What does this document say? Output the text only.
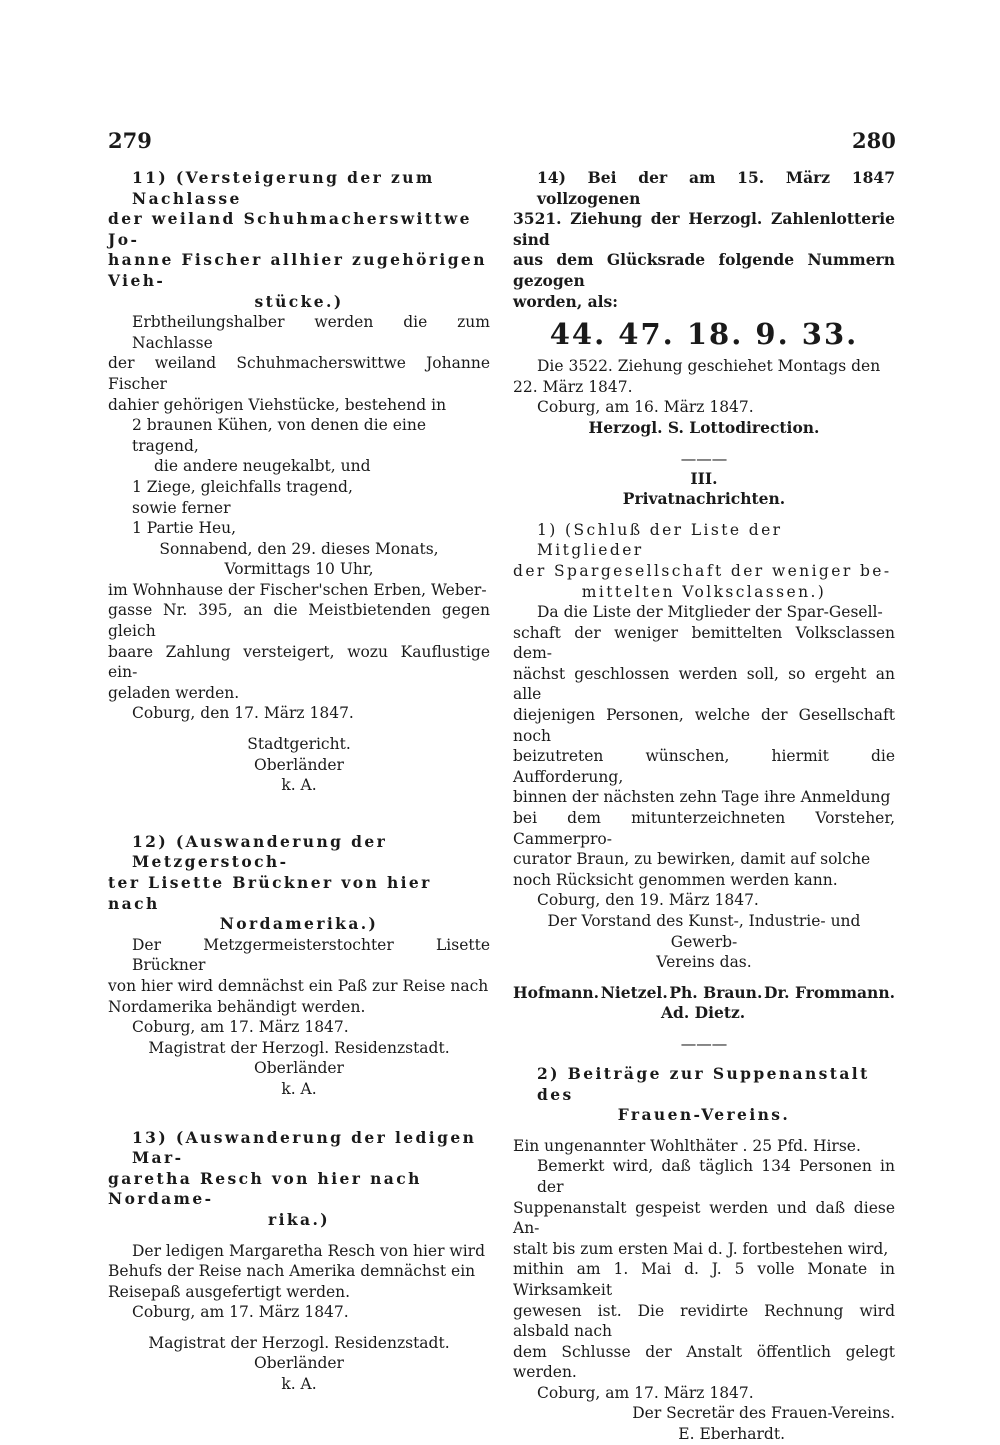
279	280
11) (Versteigerung der zum Nachlasse
der weiland Schuhmacherswittwe Jo-
hanne Fischer allhier zugehörigen Vieh-
stücke.)
Erbtheilungshalber werden die zum Nachlasse
der weiland Schuhmacherswittwe Johanne Fischer
dahier gehörigen Viehstücke, bestehend in
2 braunen Kühen, von denen die eine tragend,
die andere neugekalbt, und
1 Ziege, gleichfalls tragend,
sowie ferner
1 Partie Heu,
Sonnabend, den 29. dieses Monats,
Vormittags 10 Uhr,
im Wohnhause der Fischer'schen Erben, Weber-
gasse Nr. 395, an die Meistbietenden gegen gleich
baare Zahlung versteigert, wozu Kauflustige ein-
geladen werden.
Coburg, den 17. März 1847.
Stadtgericht.
Oberländer
k. A.
12) (Auswanderung der Metzgerstoch-
ter Lisette Brückner von hier nach
Nordamerika.)
Der Metzgermeisterstochter Lisette Brückner
von hier wird demnächst ein Paß zur Reise nach
Nordamerika behändigt werden.
Coburg, am 17. März 1847.
Magistrat der Herzogl. Residenzstadt.
Oberländer
k. A.
13) (Auswanderung der ledigen Mar-
garetha Resch von hier nach Nordame-
rika.)
Der ledigen Margaretha Resch von hier wird
Behufs der Reise nach Amerika demnächst ein
Reisepaß ausgefertigt werden.
Coburg, am 17. März 1847.
Magistrat der Herzogl. Residenzstadt.
Oberländer
k. A.
14) Bei der am 15. März 1847 vollzogenen
3521. Ziehung der Herzogl. Zahlenlotterie sind
aus dem Glücksrade folgende Nummern gezogen
worden, als:
44. 47. 18. 9. 33.
Die 3522. Ziehung geschiehet Montags den
22. März 1847.
Coburg, am 16. März 1847.
Herzogl. S. Lottodirection.
———
III.
Privatnachrichten.
1) (Schluß der Liste der Mitglieder
der Spargesellschaft der weniger be-
mittelten Volksclassen.)
Da die Liste der Mitglieder der Spar-Gesell-
schaft der weniger bemittelten Volksclassen dem-
nächst geschlossen werden soll, so ergeht an alle
diejenigen Personen, welche der Gesellschaft noch
beizutreten wünschen, hiermit die Aufforderung,
binnen der nächsten zehn Tage ihre Anmeldung
bei dem mitunterzeichneten Vorsteher, Cammerpro-
curator Braun, zu bewirken, damit auf solche
noch Rücksicht genommen werden kann.
Coburg, den 19. März 1847.
Der Vorstand des Kunst-, Industrie- und Gewerb-
Vereins das.
Hofmann. Nietzel. Ph. Braun. Dr. Frommann.
Ad. Dietz.
———
2) Beiträge zur Suppenanstalt des
Frauen-Vereins.
Ein ungenannter Wohlthäter . 25 Pfd. Hirse.
Bemerkt wird, daß täglich 134 Personen in der
Suppenanstalt gespeist werden und daß diese An-
stalt bis zum ersten Mai d. J. fortbestehen wird,
mithin am 1. Mai d. J. 5 volle Monate in Wirksamkeit
gewesen ist. Die revidirte Rechnung wird alsbald nach
dem Schlusse der Anstalt öffentlich gelegt werden.
Coburg, am 17. März 1847.
Der Secretär des Frauen-Vereins.
E. Eberhardt.
